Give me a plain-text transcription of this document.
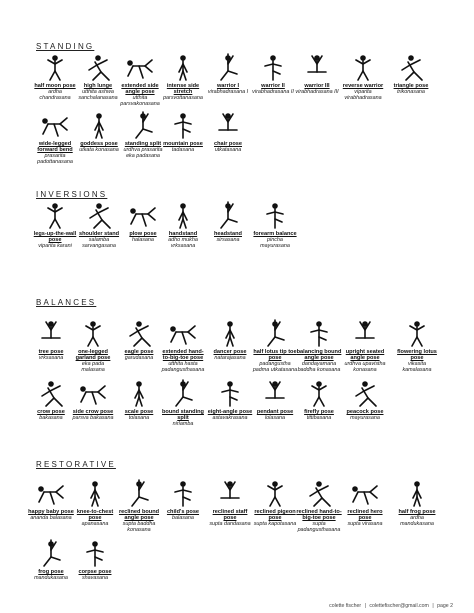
STANDING
INVERSIONS
BALANCES
RESTORATIVE
half moon pose
ardha chandrasana
high lunge
utthita ashwa sanchalanasana
extended side angle pose
utthita parsvakonasana
intense side stretch
parsvottanasana
warrior I
virabhadrasana I
warrior II
virabhadrasana II
warrior III
virabhadrasana III
reverse warrior
viparita virabhadrasana
triangle pose
trikonasana
wide-legged forward bend
prasarita padottanasana
goddess pose
utkata konasana
standing split
urdhva prasarita eka padasana
mountain pose
tadasana
chair pose
utkatasana
legs-up-the-wall pose
viparita karani
shoulder stand
salamba sarvangasana
plow pose
halasana
handstand
adho mukha vrksasana
headstand
sirsasana
forearm balance
pincha mayurasana
tree pose
vrksasana
one-legged garland pose
eka pada malasana
eagle pose
garudasana
extended hand-to-big-toe pose
utthita hasta padangusthasana
dancer pose
natarajasana
half lotus tip toe pose
padangustha padma utkatasana
balancing bound angle pose
dandayamana baddha konasana
upright seated angle pose
urdhva upavistha konasana
flowering lotus pose
vikasita kamalasana
crow pose
bakasana
side crow pose
parsva bakasana
scale pose
tolasana
bound standing split
nirlamba
eight-angle pose
astavakrasana
pendant pose
lolasana
firefly pose
tittibasana
peacock pose
mayurasana
happy baby pose
ananda balasana
knee-to-chest pose
apanasana
reclined bound angle pose
supta baddha konasana
child's pose
balasana
reclined staff pose
supta dandasana
reclined pigeon pose
supta kapotasana
reclined hand-to-big-toe pose
supta padangusthasana
reclined hero pose
supta virasana
half frog pose
ardha mandukasana
frog pose
mandukasana
corpse pose
shavasana
colette fischer | colettefischer@gmail.com | page 2
